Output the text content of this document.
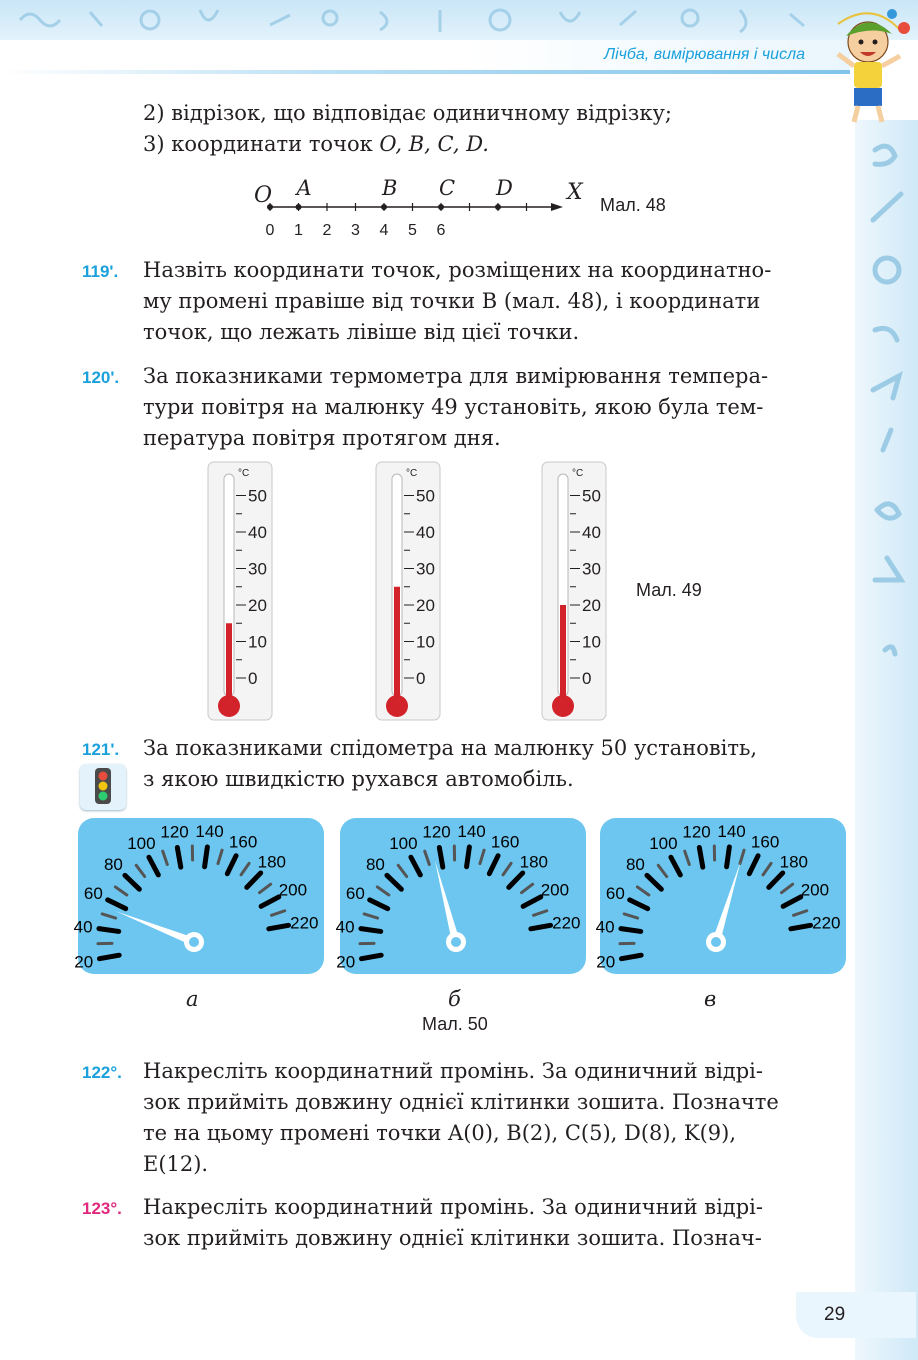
Лічба, вимірювання і числа
2) відрізок, що відповідає одиничному відрізку;
3) координати точок O, B, C, D.
O	X
A	B C D
0 1 2 3 4 5 6
Мал. 48
119'. Назвіть координати точок, розміщених на координатно-
му промені правіше від точки B (мал. 48), і координати
точок, що лежать лівіше від цієї точки.
120'. За показниками термометра для вимірювання темпера-
тури повітря на малюнку 49 установіть, якою була тем-
пература повітря протягом дня.
°C
50
40
30
20
10
0
°C
50
40
30
20
10
0
°C
50
40
30
20
10
0
Мал. 49
121'. За показниками спідометра на малюнку 50 установіть,
з якою швидкістю рухався автомобіль.
20
40
60
80
100
120 140
160
180
200
220
20
40
60
80
100
120 140
160
180
200
220
20
40
60
80
100
120 140
160
180
200
220
а	б	в
Мал. 50
122°. Накресліть координатний промінь. За одиничний відрі-
зок прийміть довжину однієї клітинки зошита. Позначте
те на цьому промені точки A(0), B(2), C(5), D(8), K(9),
E(12).
123°. Накресліть координатний промінь. За одиничний відрі-
зок прийміть довжину однієї клітинки зошита. Познач-
29
